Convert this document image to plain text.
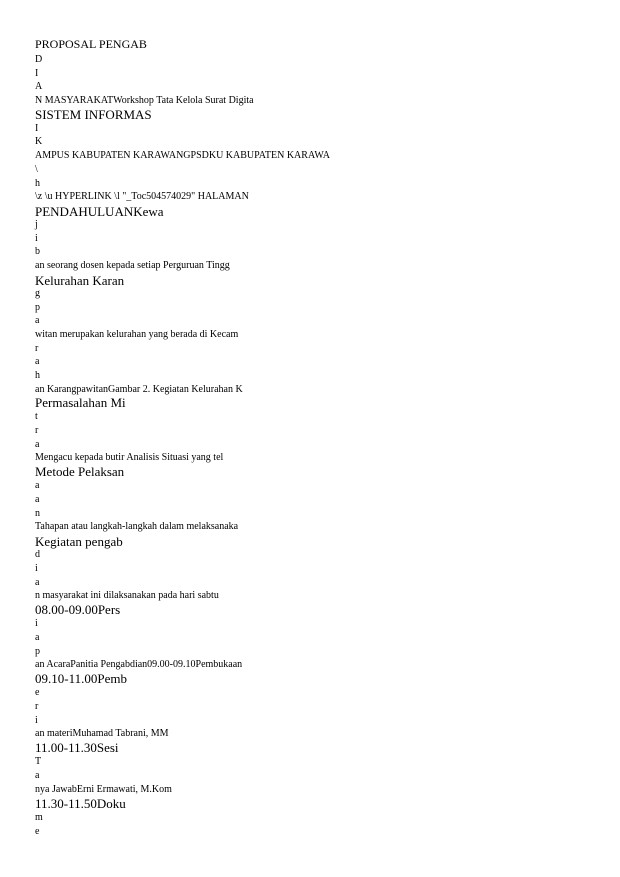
PROPOSAL PENGAB
D
I
A
N MASYARAKATWorkshop Tata Kelola Surat Digita
SISTEM INFORMAS
I
K
AMPUS KABUPATEN KARAWANGPSDKU KABUPATEN KARAWA
\
h
\z \u HYPERLINK \l "_Toc504574029" HALAMAN
PENDAHULUANKewa
j
i
b
an seorang dosen kepada setiap Perguruan Tingg
Kelurahan Karan
g
p
a
witan merupakan kelurahan yang berada di Kecam
r
a
h
an KarangpawitanGambar 2. Kegiatan Kelurahan K
Permasalahan Mi
t
r
a
Mengacu kepada butir Analisis Situasi yang tel
Metode Pelaksan
a
a
n
Tahapan atau langkah-langkah dalam melaksanaka
Kegiatan pengab
d
i
a
n masyarakat ini dilaksanakan pada hari sabtu
08.00-09.00Pers
i
a
p
an AcaraPanitia Pengabdian09.00-09.10Pembukaan
09.10-11.00Pemb
e
r
i
an materiMuhamad Tabrani, MM
11.00-11.30Sesi
T
a
nya JawabErni Ermawati, M.Kom
11.30-11.50Doku
m
e
